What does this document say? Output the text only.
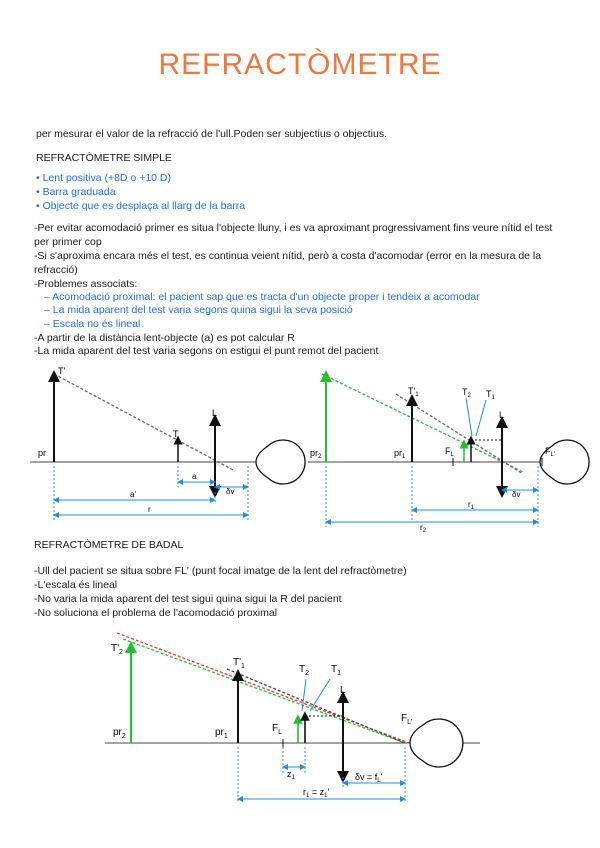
REFRACTÒMETRE
per mesurar el valor de la refracció de l'ull.Poden ser subjectius o objectius.
REFRACTÒMETRE SIMPLE
• Lent positiva (+8D o +10 D)
• Barra graduada
• Objecte que es desplaça al llarg de la barra
-Per evitar acomodació primer es situa l'objecte lluny, i es va aproximant progressivament fins veure nítid el test per primer cop
-Si s'aproxima encara més el test, es continua veient nítid, però a costa d'acomodar (error en la mesura de la refracció)
-Problemes associats:
– Acomodació proximal: el pacient sap que es tracta d'un objecte proper i tendeix a acomodar
– La mida aparent del test varia segons quina sigui la seva posició
– Escala no és lineal
-A partir de la distància lent-objecte (a) es pot calcular R
-La mida aparent del test varia segons on estigui el punt remot del pacient
T'
T
L
pr
a
δv
a'
r
$T'_1$	$T_2$ $T_1$
L
$pr_2$	$pr_1$
$F_L$	$F_{L'}$
δv
$r_1$
$r_2$
REFRACTÒMETRE DE BADAL
-Ull del pacient se situa sobre FL' (punt focal imatge de la lent del refractòmetre)
-L'escala és lineal
-No varia la mida aparent del test sigui quina sigui la R del pacient
-No soluciona el problema de l'acomodació proximal
$T'_2$
$T'_1$	$T_2$ $T_1$
L
$pr_2$	$pr_1$
$F_L$
$F_{L'}$
$z_1$	$\delta v = f_L'$
$r_1 = z_1'$
